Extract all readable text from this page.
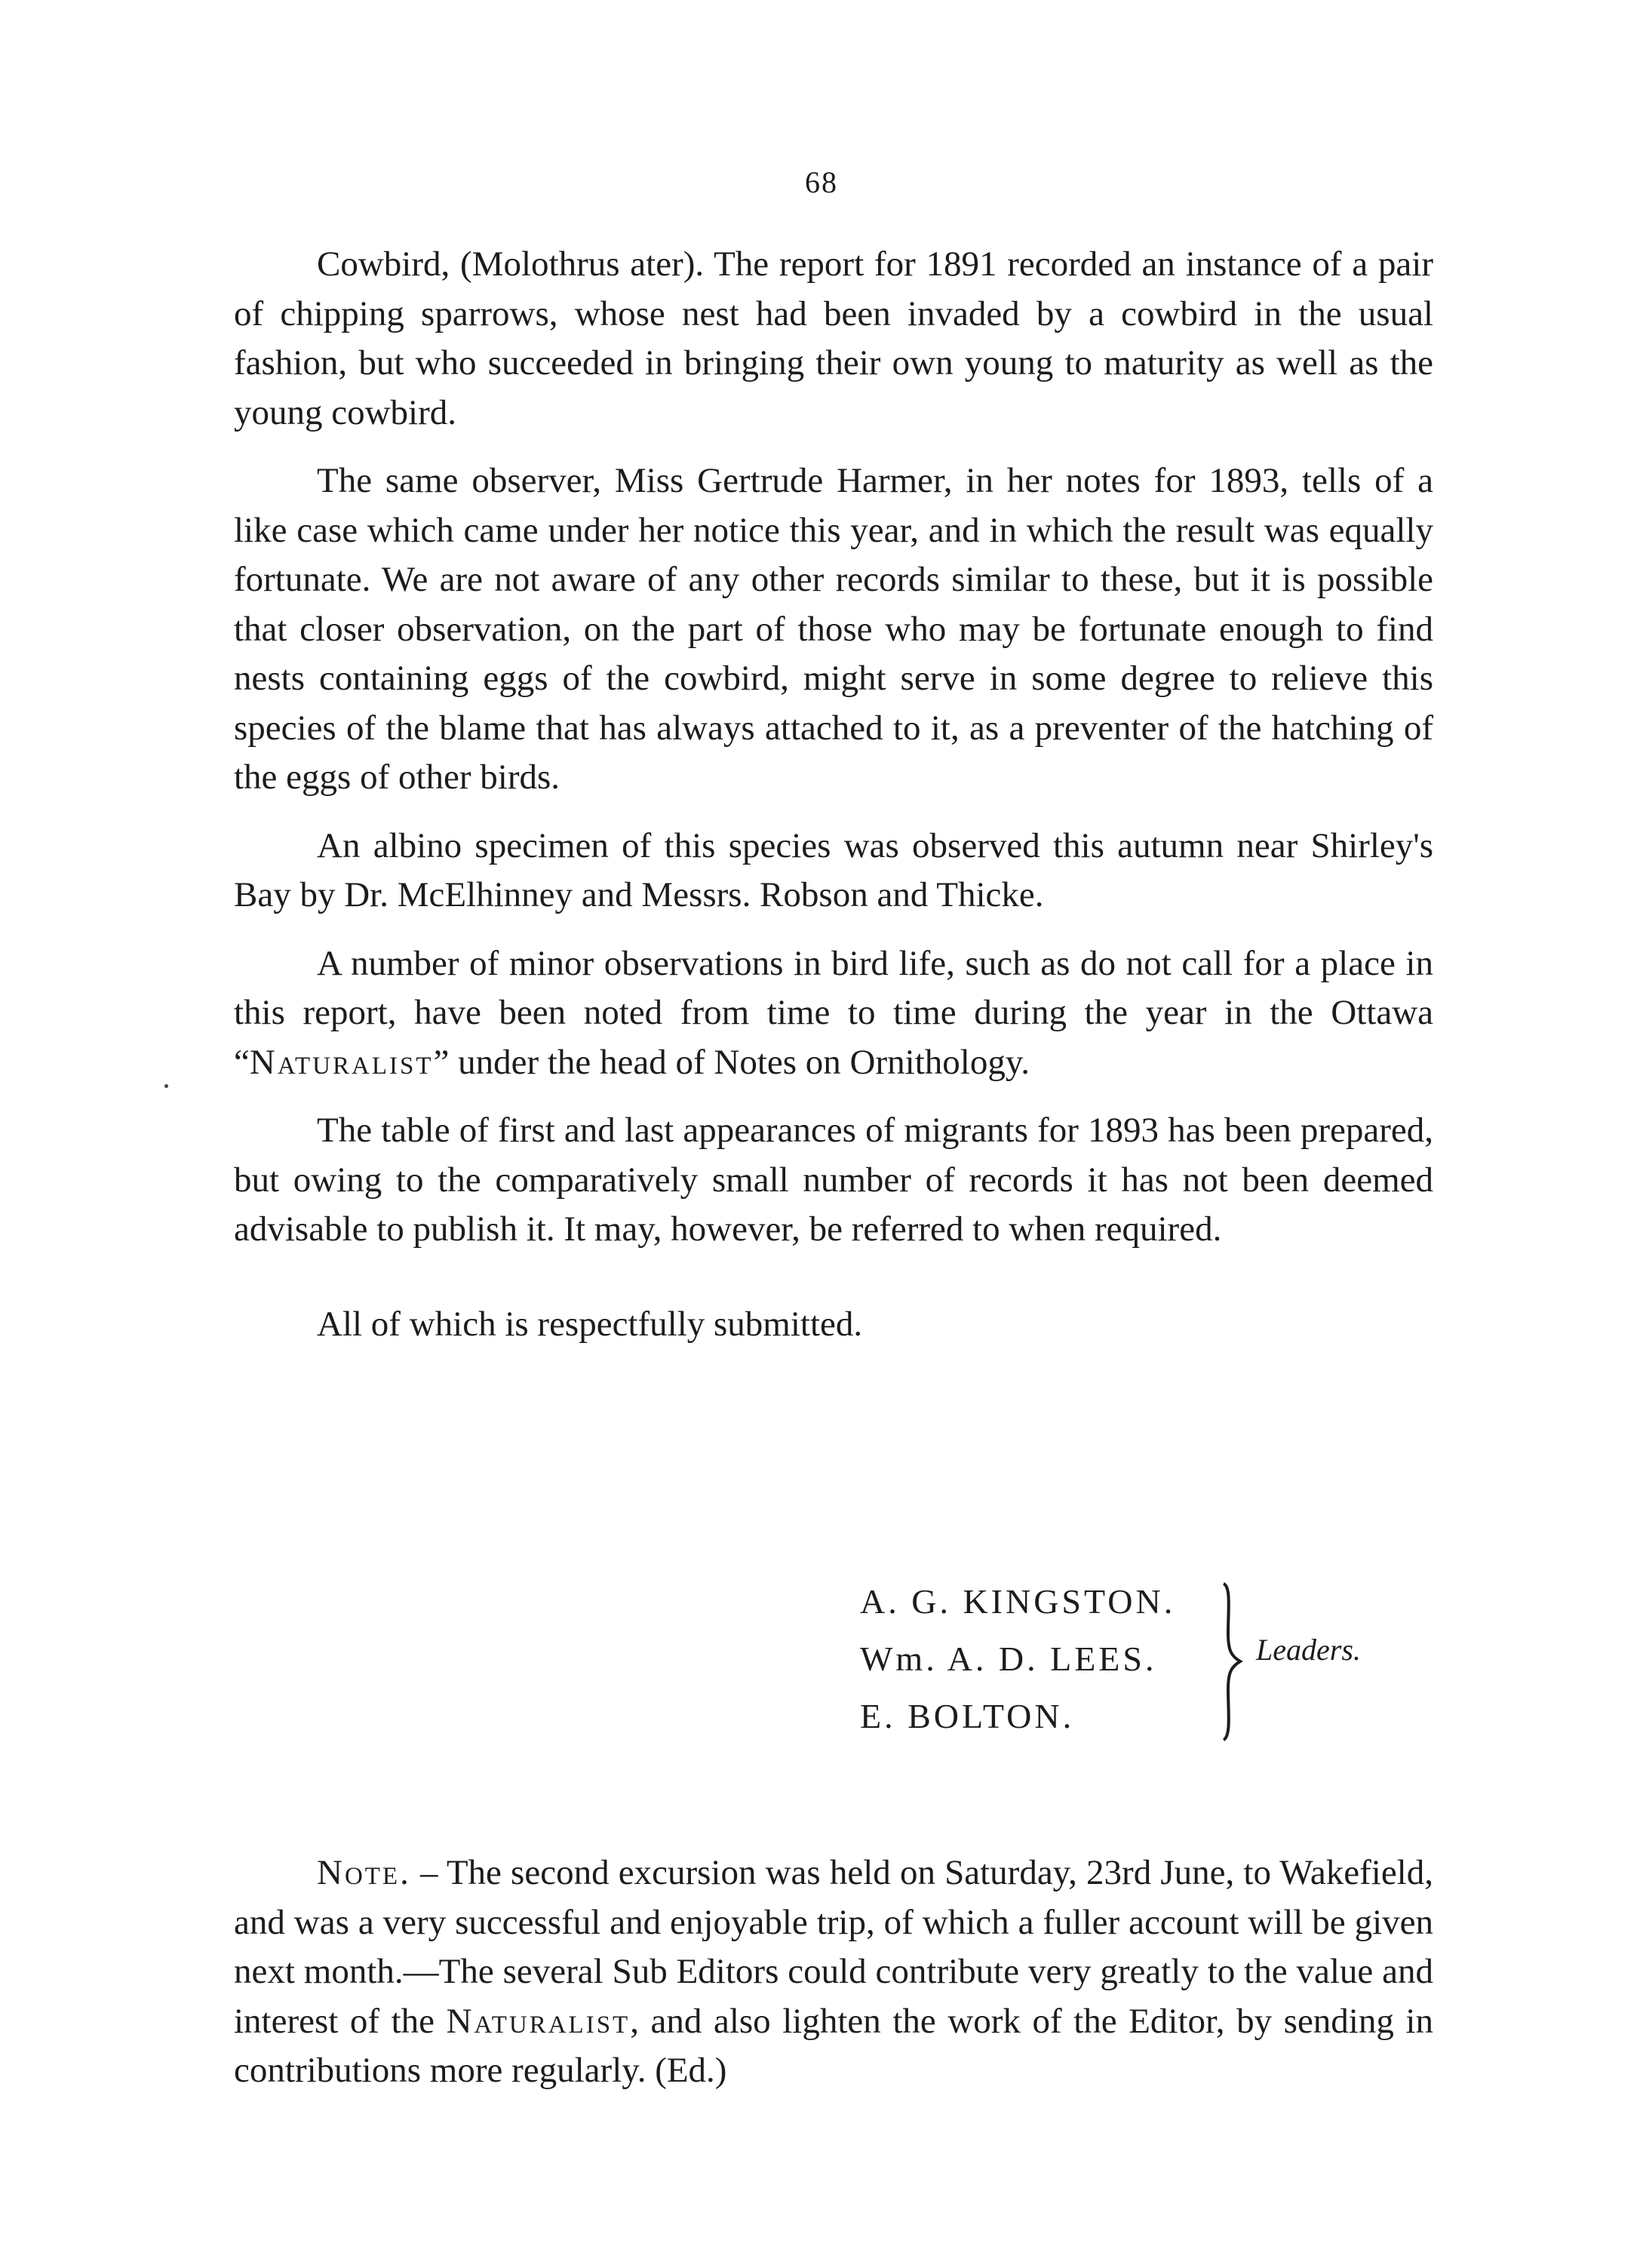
68

Cowbird, (Molothrus ater). The report for 1891 recorded an instance of a pair of chipping sparrows, whose nest had been invaded by a cowbird in the usual fashion, but who succeeded in bringing their own young to maturity as well as the young cowbird.

The same observer, Miss Gertrude Harmer, in her notes for 1893, tells of a like case which came under her notice this year, and in which the result was equally fortunate. We are not aware of any other records similar to these, but it is possible that closer observation, on the part of those who may be fortunate enough to find nests containing eggs of the cowbird, might serve in some degree to relieve this species of the blame that has always attached to it, as a preventer of the hatching of the eggs of other birds.

An albino specimen of this species was observed this autumn near Shirley's Bay by Dr. McElhinney and Messrs. Robson and Thicke.

A number of minor observations in bird life, such as do not call for a place in this report, have been noted from time to time during the year in the Ottawa “Naturalist” under the head of Notes on Ornithology.

The table of first and last appearances of migrants for 1893 has been prepared, but owing to the comparatively small number of records it has not been deemed advisable to publish it. It may, however, be referred to when required.

All of which is respectfully submitted.

A. G. KINGSTON.
Wm. A. D. LEES.
E. BOLTON.
Leaders.

Note. – The second excursion was held on Saturday, 23rd June, to Wakefield, and was a very successful and enjoyable trip, of which a fuller account will be given next month.—The several Sub Editors could contribute very greatly to the value and interest of the Naturalist, and also lighten the work of the Editor, by sending in contributions more regularly. (Ed.)
